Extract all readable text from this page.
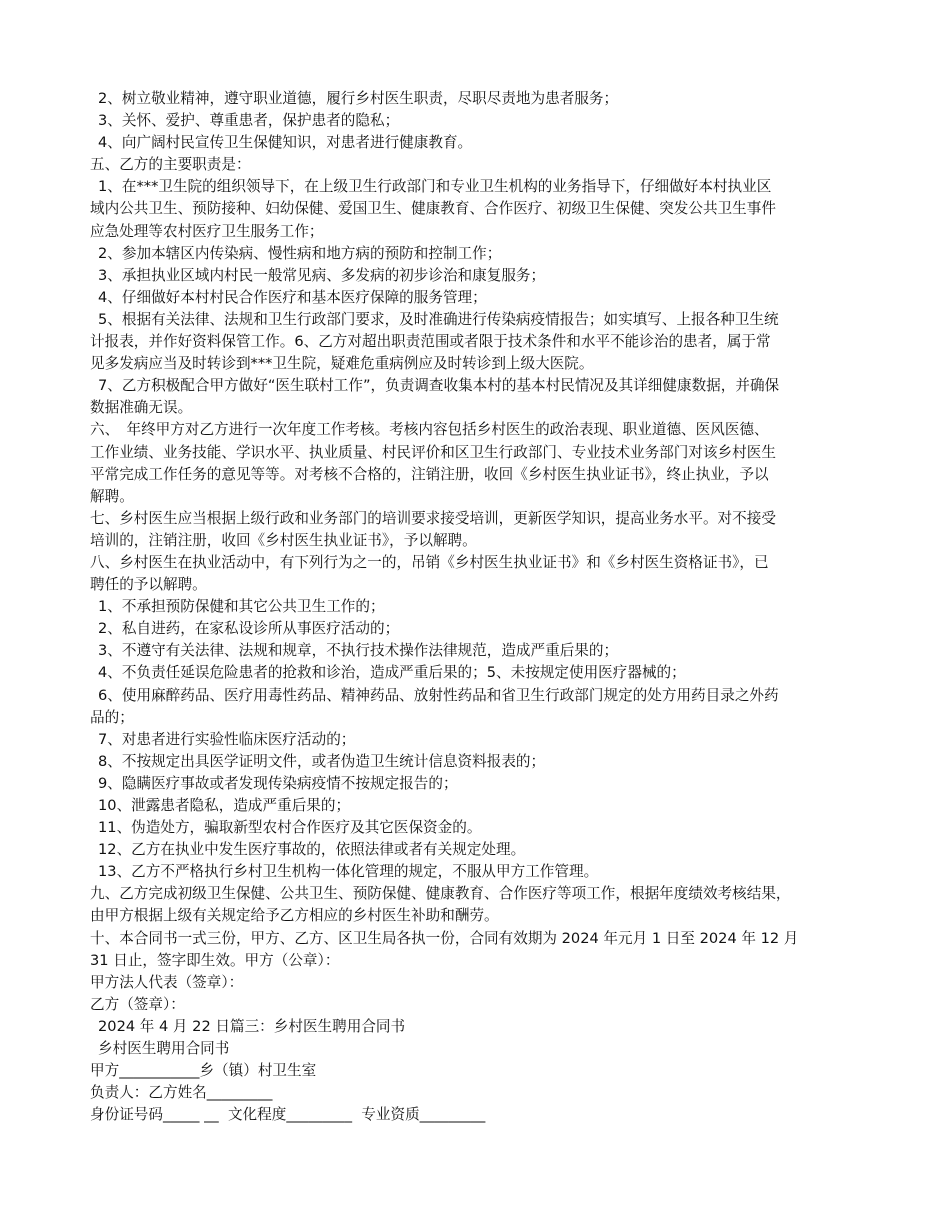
2、树立敬业精神，遵守职业道德，履行乡村医生职责，尽职尽责地为患者服务；
3、关怀、爱护、尊重患者，保护患者的隐私；
4、向广阔村民宣传卫生保健知识，对患者进行健康教育。
五、乙方的主要职责是：
1、在***卫生院的组织领导下，在上级卫生行政部门和专业卫生机构的业务指导下，仔细做好本村执业区
域内公共卫生、预防接种、妇幼保健、爱国卫生、健康教育、合作医疗、初级卫生保健、突发公共卫生事件
应急处理等农村医疗卫生服务工作；
2、参加本辖区内传染病、慢性病和地方病的预防和控制工作；
3、承担执业区域内村民一般常见病、多发病的初步诊治和康复服务；
4、仔细做好本村村民合作医疗和基本医疗保障的服务管理；
5、根据有关法律、法规和卫生行政部门要求，及时准确进行传染病疫情报告；如实填写、上报各种卫生统
计报表，并作好资料保管工作。6、乙方对超出职责范围或者限于技术条件和水平不能诊治的患者，属于常
见多发病应当及时转诊到***卫生院，疑难危重病例应及时转诊到上级大医院。
7、乙方积极配合甲方做好“医生联村工作”，负责调查收集本村的基本村民情况及其详细健康数据，并确保
数据准确无误。
六、　年终甲方对乙方进行一次年度工作考核。考核内容包括乡村医生的政治表现、职业道德、医风医德、
工作业绩、业务技能、学识水平、执业质量、村民评价和区卫生行政部门、专业技术业务部门对该乡村医生
平常完成工作任务的意见等等。对考核不合格的，注销注册，收回《乡村医生执业证书》，终止执业，予以
解聘。
七、乡村医生应当根据上级行政和业务部门的培训要求接受培训，更新医学知识，提高业务水平。对不接受
培训的，注销注册，收回《乡村医生执业证书》，予以解聘。
八、乡村医生在执业活动中，有下列行为之一的，吊销《乡村医生执业证书》和《乡村医生资格证书》，已
聘任的予以解聘。
1、不承担预防保健和其它公共卫生工作的；
2、私自进药，在家私设诊所从事医疗活动的；
3、不遵守有关法律、法规和规章，不执行技术操作法律规范，造成严重后果的；
4、不负责任延误危险患者的抢救和诊治，造成严重后果的；5、未按规定使用医疗器械的；
6、使用麻醉药品、医疗用毒性药品、精神药品、放射性药品和省卫生行政部门规定的处方用药目录之外药
品的；
7、对患者进行实验性临床医疗活动的；
8、不按规定出具医学证明文件，或者伪造卫生统计信息资料报表的；
9、隐瞒医疗事故或者发现传染病疫情不按规定报告的；
10、泄露患者隐私，造成严重后果的；
11、伪造处方，骗取新型农村合作医疗及其它医保资金的。
12、乙方在执业中发生医疗事故的，依照法律或者有关规定处理。
13、乙方不严格执行乡村卫生机构一体化管理的规定，不服从甲方工作管理。
九、乙方完成初级卫生保健、公共卫生、预防保健、健康教育、合作医疗等项工作，根据年度绩效考核结果，
由甲方根据上级有关规定给予乙方相应的乡村医生补助和酬劳。
十、本合同书一式三份，甲方、乙方、区卫生局各执一份，合同有效期为 2024 年元月 1 日至 2024 年 12 月
31 日止，签字即生效。甲方（公章）：
甲方法人代表（签章）：
乙方（签章）：
2024 年 4 月 22 日篇三：乡村医生聘用合同书
乡村医生聘用合同书
甲方___________乡（镇）村卫生室
负责人：乙方姓名_________
身份证号码_____ __  文化程度_________  专业资质_________
